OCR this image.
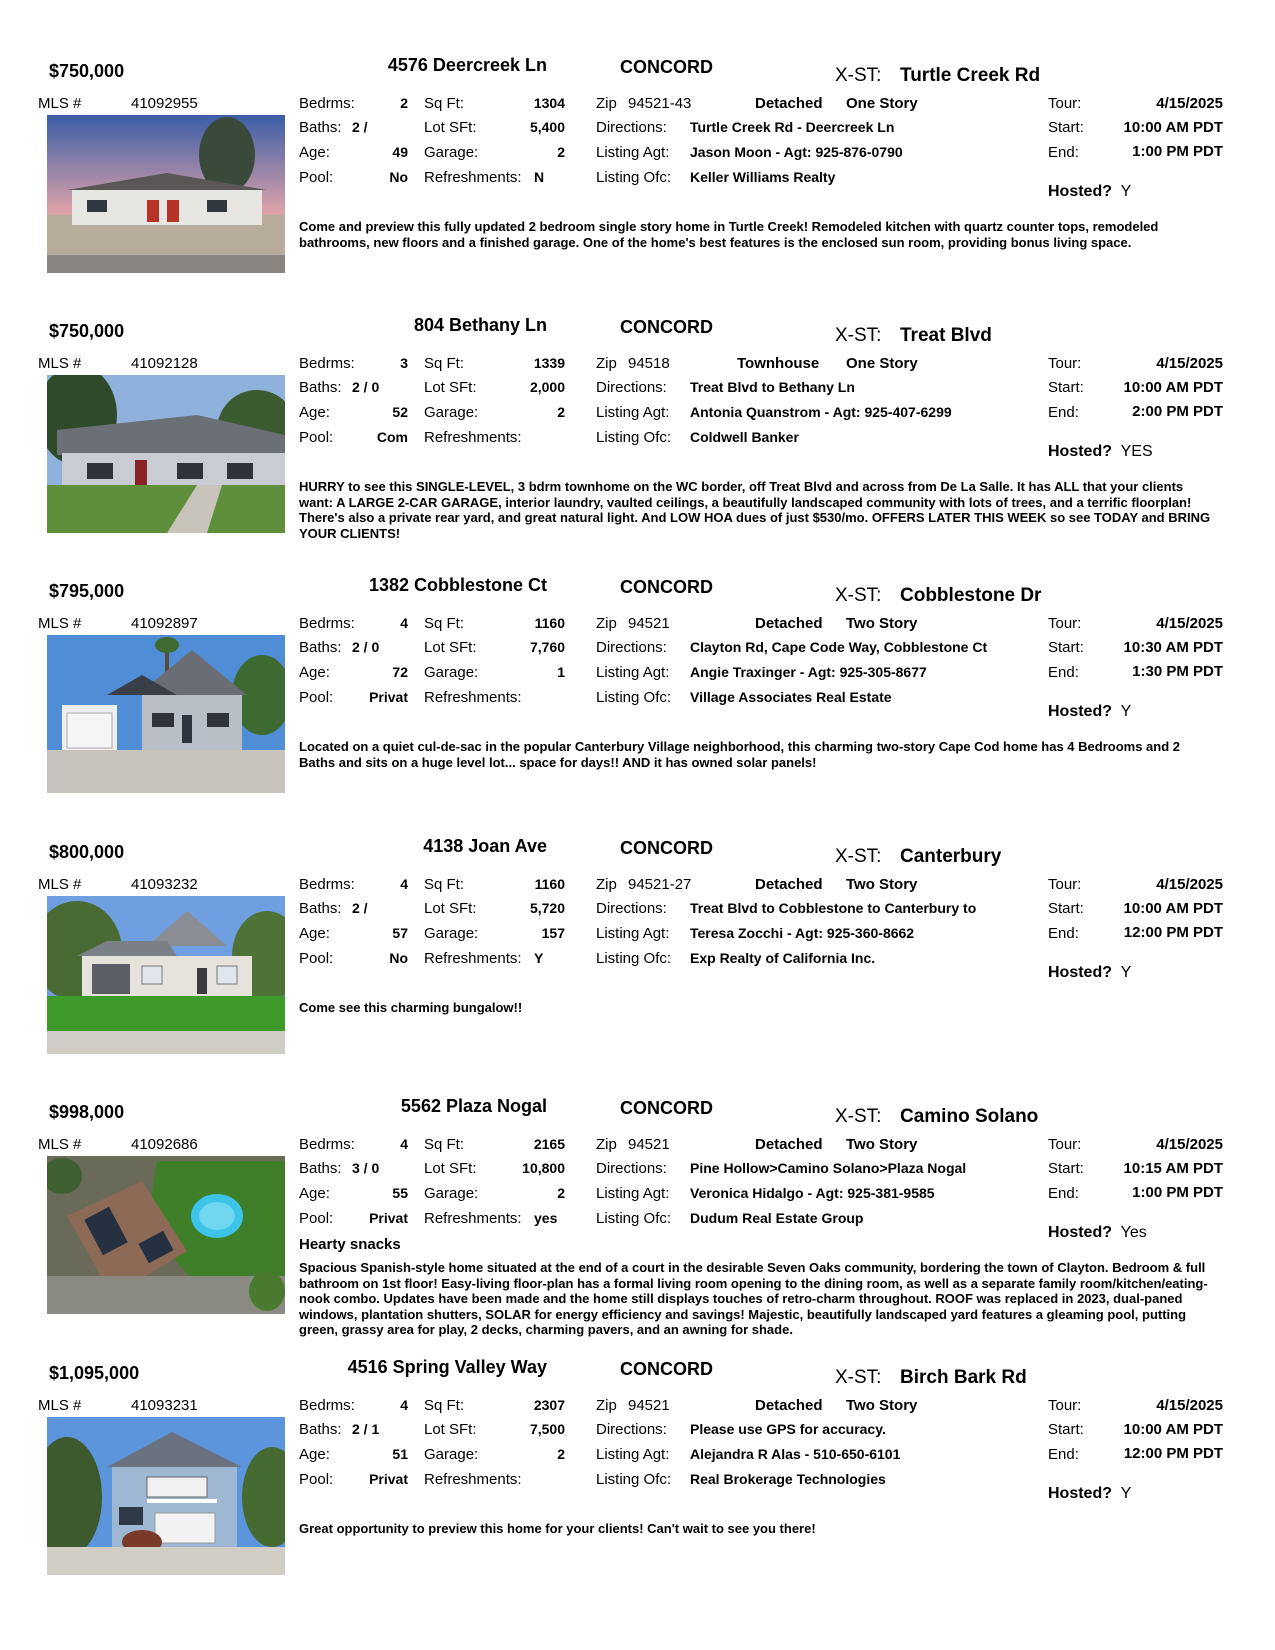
$750,000	4576 Deercreek Ln	CONCORD	X-ST: Turtle Creek Rd
MLS #	41092955	Bedrms:	2
Baths: 2 /
Age:	49
Pool:	No
Sq Ft:	1304
Lot SFt:	5,400
Garage:	2
Refreshments: N
Zip 94521-43	Detached One Story
Directions: Turtle Creek Rd - Deercreek Ln
Listing Agt: Jason Moon - Agt: 925-876-0790
Listing Ofc: Keller Williams Realty
Tour:	4/15/2025
Start:	10:00 AM PDT
End:	1:00 PM PDT
Hosted? Y
Come and preview this fully updated 2 bedroom single story home in Turtle Creek! Remodeled kitchen with quartz counter tops, remodeled bathrooms, new floors and a finished garage. One of the home's best features is the enclosed sun room, providing bonus living space.
$750,000	804 Bethany Ln	CONCORD	X-ST: Treat Blvd
MLS #	41092128	Bedrms:	3
Baths: 2 / 0
Age:	52
Pool:	Com
Sq Ft:	1339
Lot SFt:	2,000
Garage:	2
Refreshments:
Zip 94518	Townhouse One Story
Directions: Treat Blvd to Bethany Ln
Listing Agt: Antonia Quanstrom - Agt: 925-407-6299
Listing Ofc: Coldwell Banker
Tour:	4/15/2025
Start:	10:00 AM PDT
End:	2:00 PM PDT
Hosted? YES
HURRY to see this SINGLE-LEVEL, 3 bdrm townhome on the WC border, off Treat Blvd and across from De La Salle. It has ALL that your clients want: A LARGE 2-CAR GARAGE, interior laundry, vaulted ceilings, a beautifully landscaped community with lots of trees, and a terrific floorplan! There's also a private rear yard, and great natural light. And LOW HOA dues of just $530/mo. OFFERS LATER THIS WEEK so see TODAY and BRING YOUR CLIENTS!
$795,000	1382 Cobblestone Ct	CONCORD	X-ST: Cobblestone Dr
MLS #	41092897	Bedrms:	4
Baths: 2 / 0
Age:	72
Pool:	Privat
Sq Ft:	1160
Lot SFt:	7,760
Garage:	1
Refreshments:
Zip 94521	Detached Two Story
Directions: Clayton Rd, Cape Code Way, Cobblestone Ct
Listing Agt: Angie Traxinger - Agt: 925-305-8677
Listing Ofc: Village Associates Real Estate
Tour:	4/15/2025
Start:	10:30 AM PDT
End:	1:30 PM PDT
Hosted? Y
Located on a quiet cul-de-sac in the popular Canterbury Village neighborhood, this charming two-story Cape Cod home has 4 Bedrooms and 2 Baths and sits on a huge level lot... space for days!! AND it has owned solar panels!
$800,000	4138 Joan Ave	CONCORD	X-ST: Canterbury
MLS #	41093232	Bedrms:	4
Baths: 2 /
Age:	57
Pool:	No
Sq Ft:	1160
Lot SFt:	5,720
Garage:	157
Refreshments: Y
Zip 94521-27	Detached Two Story
Directions: Treat Blvd to Cobblestone to Canterbury to
Listing Agt: Teresa Zocchi - Agt: 925-360-8662
Listing Ofc: Exp Realty of California Inc.
Tour:	4/15/2025
Start:	10:00 AM PDT
End:	12:00 PM PDT
Hosted? Y
Come see this charming bungalow!!
$998,000	5562 Plaza Nogal	CONCORD	X-ST: Camino Solano
MLS #	41092686	Bedrms:	4
Baths: 3 / 0
Age:	55
Pool:	Privat
Sq Ft:	2165
Lot SFt:	10,800
Garage:	2
Refreshments: yes
Zip 94521	Detached Two Story
Directions: Pine Hollow>Camino Solano>Plaza Nogal
Listing Agt: Veronica Hidalgo - Agt: 925-381-9585
Listing Ofc: Dudum Real Estate Group
Tour:	4/15/2025
Start:	10:15 AM PDT
End:	1:00 PM PDT
Hosted? Yes
Hearty snacks
Spacious Spanish-style home situated at the end of a court in the desirable Seven Oaks community, bordering the town of Clayton. Bedroom & full bathroom on 1st floor! Easy-living floor-plan has a formal living room opening to the dining room, as well as a separate family room/kitchen/eating-nook combo. Updates have been made and the home still displays touches of retro-charm throughout. ROOF was replaced in 2023, dual-paned windows, plantation shutters, SOLAR for energy efficiency and savings! Majestic, beautifully landscaped yard features a gleaming pool, putting green, grassy area for play, 2 decks, charming pavers, and an awning for shade.
$1,095,000	4516 Spring Valley Way	CONCORD	X-ST: Birch Bark Rd
MLS #	41093231	Bedrms:	4
Baths: 2 / 1
Age:	51
Pool:	Privat
Sq Ft:	2307
Lot SFt:	7,500
Garage:	2
Refreshments:
Zip 94521	Detached Two Story
Directions: Please use GPS for accuracy.
Listing Agt: Alejandra R Alas - 510-650-6101
Listing Ofc: Real Brokerage Technologies
Tour:	4/15/2025
Start:	10:00 AM PDT
End:	12:00 PM PDT
Hosted? Y
Great opportunity to preview this home for your clients! Can't wait to see you there!
